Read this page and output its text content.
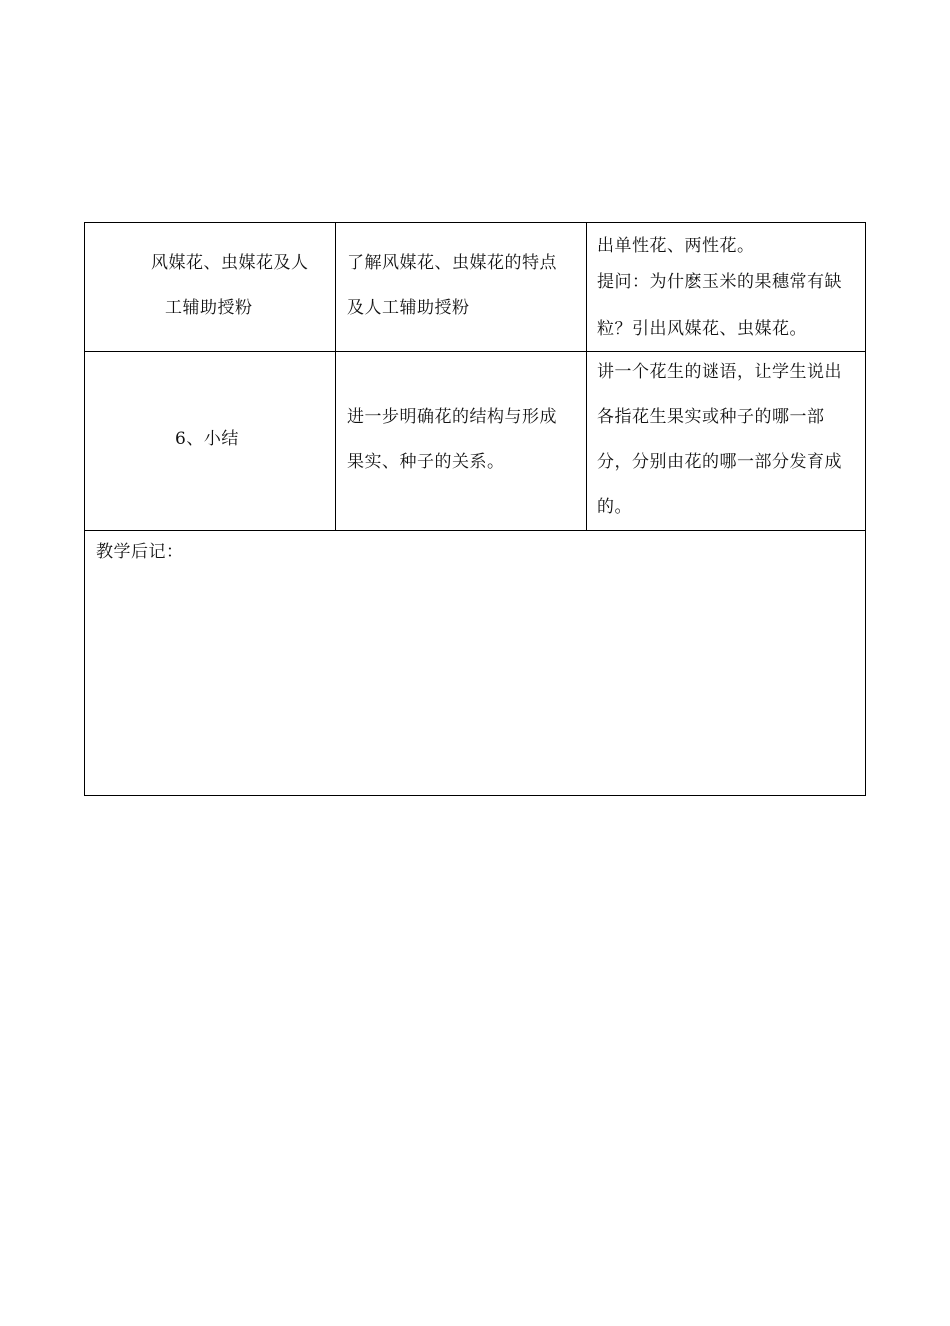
风媒花、虫媒花及人
工辅助授粉
了解风媒花、虫媒花的特点
及人工辅助授粉
出单性花、两性花。
提问：为什麽玉米的果穗常有缺
粒？引出风媒花、虫媒花。
6、小结
进一步明确花的结构与形成
果实、种子的关系。
讲一个花生的谜语，让学生说出
各指花生果实或种子的哪一部
分，分别由花的哪一部分发育成
的。
教学后记：
